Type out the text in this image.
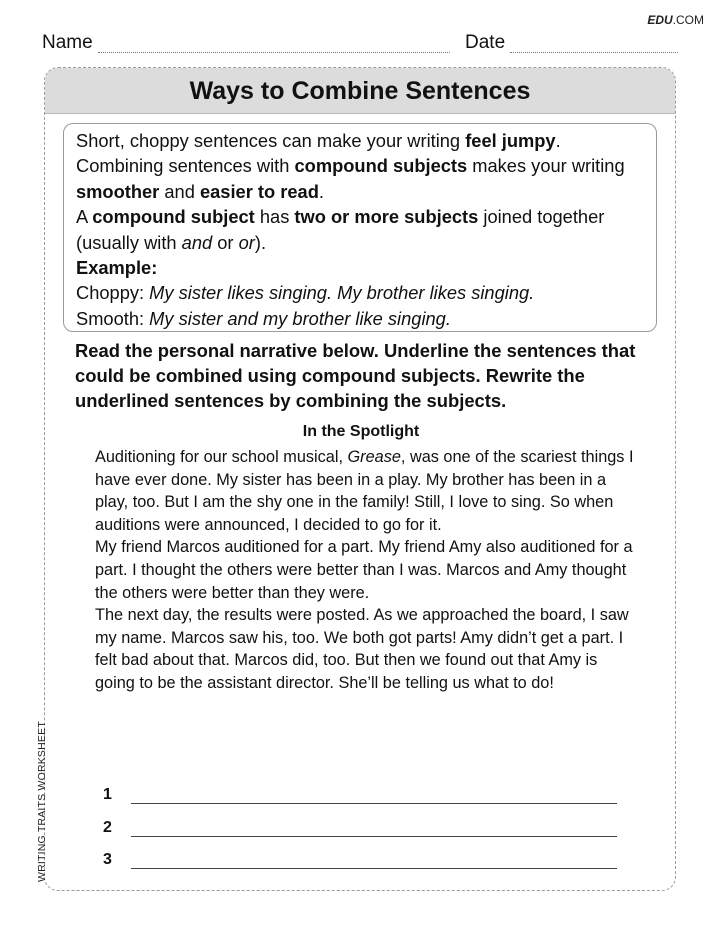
EDU.COM
Name	Date
Ways to Combine Sentences

Short, choppy sentences can make your writing feel jumpy. Combining sentences with compound subjects makes your writing smoother and easier to read.

A compound subject has two or more subjects joined together (usually with and or or).

Example:

Choppy: My sister likes singing. My brother likes singing.

Smooth: My sister and my brother like singing.

Read the personal narrative below. Underline the sentences that could be combined using compound subjects. Rewrite the underlined sentences by combining the subjects.
In the Spotlight

Auditioning for our school musical, Grease, was one of the scariest things I have ever done. My sister has been in a play. My brother has been in a play, too. But I am the shy one in the family! Still, I love to sing. So when auditions were announced, I decided to go for it.

My friend Marcos auditioned for a part. My friend Amy also auditioned for a part. I thought the others were better than I was. Marcos and Amy thought the others were better than they were.

The next day, the results were posted. As we approached the board, I saw my name. Marcos saw his, too. We both got parts! Amy didn’t get a part. I felt bad about that. Marcos did, too. But then we found out that Amy is going to be the assistant director. She’ll be telling us what to do!

1
2
3
WRITING TRAITS WORKSHEET
